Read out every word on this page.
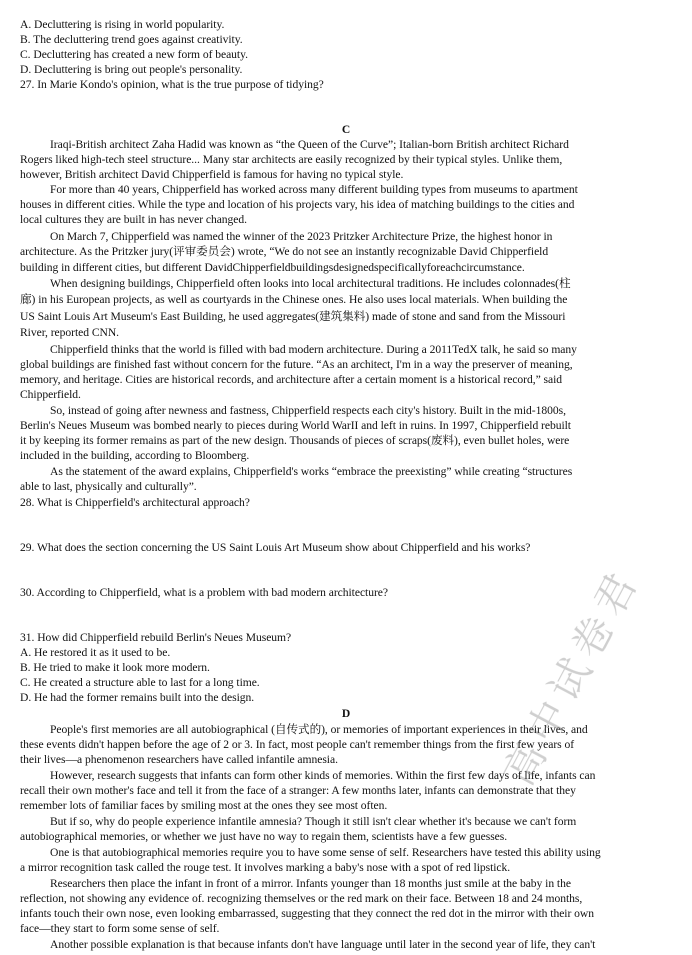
A. Decluttering is rising in world popularity.
B. The decluttering trend goes against creativity.
C. Decluttering has created a new form of beauty.
D. Decluttering is bring out people's personality.
27. In Marie Kondo's opinion, what is the true purpose of tidying?
C
Iraqi-British architect Zaha Hadid was known as “the Queen of the Curve”; Italian-born British architect Richard
Rogers liked high-tech steel structure... Many star architects are easily recognized by their typical styles. Unlike them,
however, British architect David Chipperfield is famous for having no typical style.
For more than 40 years, Chipperfield has worked across many different building types from museums to apartment
houses in different cities. While the type and location of his projects vary, his idea of matching buildings to the cities and
local cultures they are built in has never changed.
On March 7, Chipperfield was named the winner of the 2023 Pritzker Architecture Prize, the highest honor in
architecture. As the Pritzker jury(评审委员会) wrote, “We do not see an instantly recognizable David Chipperfield
building in different cities, but different DavidChipperfieldbuildingsdesignedspecificallyforeachcircumstance.
When designing buildings, Chipperfield often looks into local architectural traditions. He includes colonnades(柱
廊) in his European projects, as well as courtyards in the Chinese ones. He also uses local materials. When building the
US Saint Louis Art Museum's East Building, he used aggregates(建筑集料) made of stone and sand from the Missouri
River, reported CNN.
Chipperfield thinks that the world is filled with bad modern architecture. During a 2011TedX talk, he said so many
global buildings are finished fast without concern for the future. “As an architect, I'm in a way the preserver of meaning,
memory, and heritage. Cities are historical records, and architecture after a certain moment is a historical record,” said
Chipperfield.
So, instead of going after newness and fastness, Chipperfield respects each city's history. Built in the mid-1800s,
Berlin's Neues Museum was bombed nearly to pieces during World WarII and left in ruins. In 1997, Chipperfield rebuilt
it by keeping its former remains as part of the new design. Thousands of pieces of scraps(废料), even bullet holes, were
included in the building, according to Bloomberg.
As the statement of the award explains, Chipperfield's works “embrace the preexisting” while creating “structures
able to last, physically and culturally”.
28. What is Chipperfield's architectural approach?
29. What does the section concerning the US Saint Louis Art Museum show about Chipperfield and his works?
30. According to Chipperfield, what is a problem with bad modern architecture?
31. How did Chipperfield rebuild Berlin's Neues Museum?
A. He restored it as it used to be.
B. He tried to make it look more modern.
C. He created a structure able to last for a long time.
D. He had the former remains built into the design.
D
People's first memories are all autobiographical (自传式的), or memories of important experiences in their lives, and
these events didn't happen before the age of 2 or 3. In fact, most people can't remember things from the first few years of
their lives—a phenomenon researchers have called infantile amnesia.
However, research suggests that infants can form other kinds of memories. Within the first few days of life, infants can
recall their own mother's face and tell it from the face of a stranger: A few months later, infants can demonstrate that they
remember lots of familiar faces by smiling most at the ones they see most often.
But if so, why do people experience infantile amnesia? Though it still isn't clear whether it's because we can't form
autobiographical memories, or whether we just have no way to regain them, scientists have a few guesses.
One is that autobiographical memories require you to have some sense of self. Researchers have tested this ability using
a mirror recognition task called the rouge test. It involves marking a baby's nose with a spot of red lipstick.
Researchers then place the infant in front of a mirror. Infants younger than 18 months just smile at the baby in the
reflection, not showing any evidence of. recognizing themselves or the red mark on their face. Between 18 and 24 months,
infants touch their own nose, even looking embarrassed, suggesting that they connect the red dot in the mirror with their own
face—they start to form some sense of self.
Another possible explanation is that because infants don't have language until later in the second year of life, they can't
高中试卷君
